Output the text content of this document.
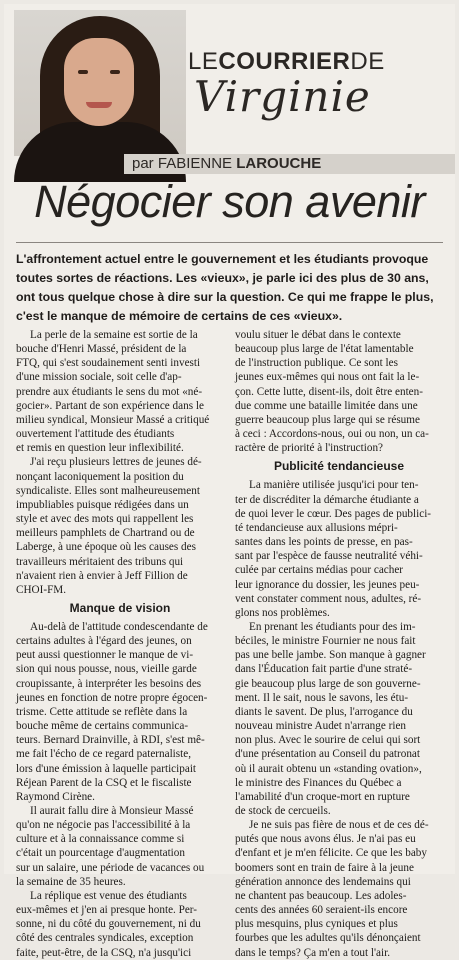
LECOURRIERDE
Virginie
par FABIENNE LAROUCHE
Négocier son avenir
L'affrontement actuel entre le gouvernement et les étudiants provoque
toutes sortes de réactions. Les «vieux», je parle ici des plus de 30 ans,
ont tous quelque chose à dire sur la question. Ce qui me frappe le plus,
c'est le manque de mémoire de certains de ces «vieux».

La perle de la semaine est sortie de la
bouche d'Henri Massé, président de la
FTQ, qui s'est soudainement senti investi
d'une mission sociale, soit celle d'ap-
prendre aux étudiants le sens du mot «né-
gocier». Partant de son expérience dans le
milieu syndical, Monsieur Massé a critiqué
ouvertement l'attitude des étudiants
et remis en question leur inflexibilité.

J'ai reçu plusieurs lettres de jeunes dé-
nonçant laconiquement la position du
syndicaliste. Elles sont malheureusement
impubliables puisque rédigées dans un
style et avec des mots qui rappellent les
meilleurs pamphlets de Chartrand ou de
Laberge, à une époque où les causes des
travailleurs méritaient des tribuns qui
n'avaient rien à envier à Jeff Fillion de
CHOI-FM.

Manque de vision

Au-delà de l'attitude condescendante de
certains adultes à l'égard des jeunes, on
peut aussi questionner le manque de vi-
sion qui nous pousse, nous, vieille garde
croupissante, à interpréter les besoins des
jeunes en fonction de notre propre égocen-
trisme. Cette attitude se reflète dans la
bouche même de certains communica-
teurs. Bernard Drainville, à RDI, s'est mê-
me fait l'écho de ce regard paternaliste,
lors d'une émission à laquelle participait
Réjean Parent de la CSQ et le fiscaliste
Raymond Cirène.

Il aurait fallu dire à Monsieur Massé
qu'on ne négocie pas l'accessibilité à la
culture et à la connaissance comme si
c'était un pourcentage d'augmentation
sur un salaire, une période de vacances ou
la semaine de 35 heures.

La réplique est venue des étudiants
eux-mêmes et j'en ai presque honte. Per-
sonne, ni du côté du gouvernement, ni du
côté des centrales syndicales, exception
faite, peut-être, de la CSQ, n'a jusqu'ici

voulu situer le débat dans le contexte
beaucoup plus large de l'état lamentable
de l'instruction publique. Ce sont les
jeunes eux-mêmes qui nous ont fait la le-
çon. Cette lutte, disent-ils, doit être enten-
due comme une bataille limitée dans une
guerre beaucoup plus large qui se résume
à ceci : Accordons-nous, oui ou non, un ca-
ractère de priorité à l'instruction?

Publicité tendancieuse

La manière utilisée jusqu'ici pour ten-
ter de discréditer la démarche étudiante a
de quoi lever le cœur. Des pages de publici-
té tendancieuse aux allusions mépri-
santes dans les points de presse, en pas-
sant par l'espèce de fausse neutralité véhi-
culée par certains médias pour cacher
leur ignorance du dossier, les jeunes peu-
vent constater comment nous, adultes, ré-
glons nos problèmes.

En prenant les étudiants pour des im-
béciles, le ministre Fournier ne nous fait
pas une belle jambe. Son manque à gagner
dans l'Éducation fait partie d'une straté-
gie beaucoup plus large de son gouverne-
ment. Il le sait, nous le savons, les étu-
diants le savent. De plus, l'arrogance du
nouveau ministre Audet n'arrange rien
non plus. Avec le sourire de celui qui sort
d'une présentation au Conseil du patronat
où il aurait obtenu un «standing ovation»,
le ministre des Finances du Québec a
l'amabilité d'un croque-mort en rupture
de stock de cercueils.

Je ne suis pas fière de nous et de ces dé-
putés que nous avons élus. Je n'ai pas eu
d'enfant et je m'en félicite. Ce que les baby
boomers sont en train de faire à la jeune
génération annonce des lendemains qui
ne chantent pas beaucoup. Les adoles-
cents des années 60 seraient-ils encore
plus mesquins, plus cyniques et plus
fourbes que les adultes qu'ils dénonçaient
dans le temps? Ça m'en a tout l'air.
